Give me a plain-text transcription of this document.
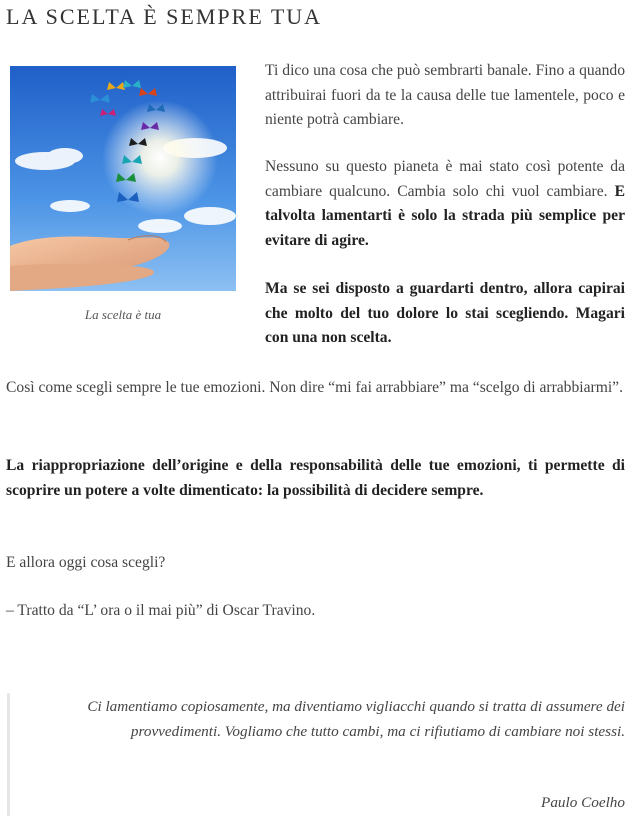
LA SCELTA È SEMPRE TUA
La scelta è tua

Ti dico una cosa che può sembrarti banale. Fino a quando attribuirai fuori da te la causa delle tue lamentele, poco e niente potrà cambiare.

Nessuno su questo pianeta è mai stato così potente da cambiare qualcuno. Cambia solo chi vuol cambiare. E talvolta lamentarti è solo la strada più semplice per evitare di agire.

Ma se sei disposto a guardarti dentro, allora capirai che molto del tuo dolore lo stai scegliendo. Magari con una non scelta.

Così come scegli sempre le tue emozioni. Non dire “mi fai arrabbiare” ma “scelgo di arrabbiarmi”.

La riappropriazione dell’origine e della responsabilità delle tue emozioni, ti permette di scoprire un potere a volte dimenticato: la possibilità di decidere sempre.

E allora oggi cosa scegli?

– Tratto da “L’ ora o il mai più” di Oscar Travino.

Ci lamentiamo copiosamente, ma diventiamo vigliacchi quando si tratta di assumere dei provvedimenti. Vogliamo che tutto cambi, ma ci rifiutiamo di cambiare noi stessi.

Paulo Coelho
